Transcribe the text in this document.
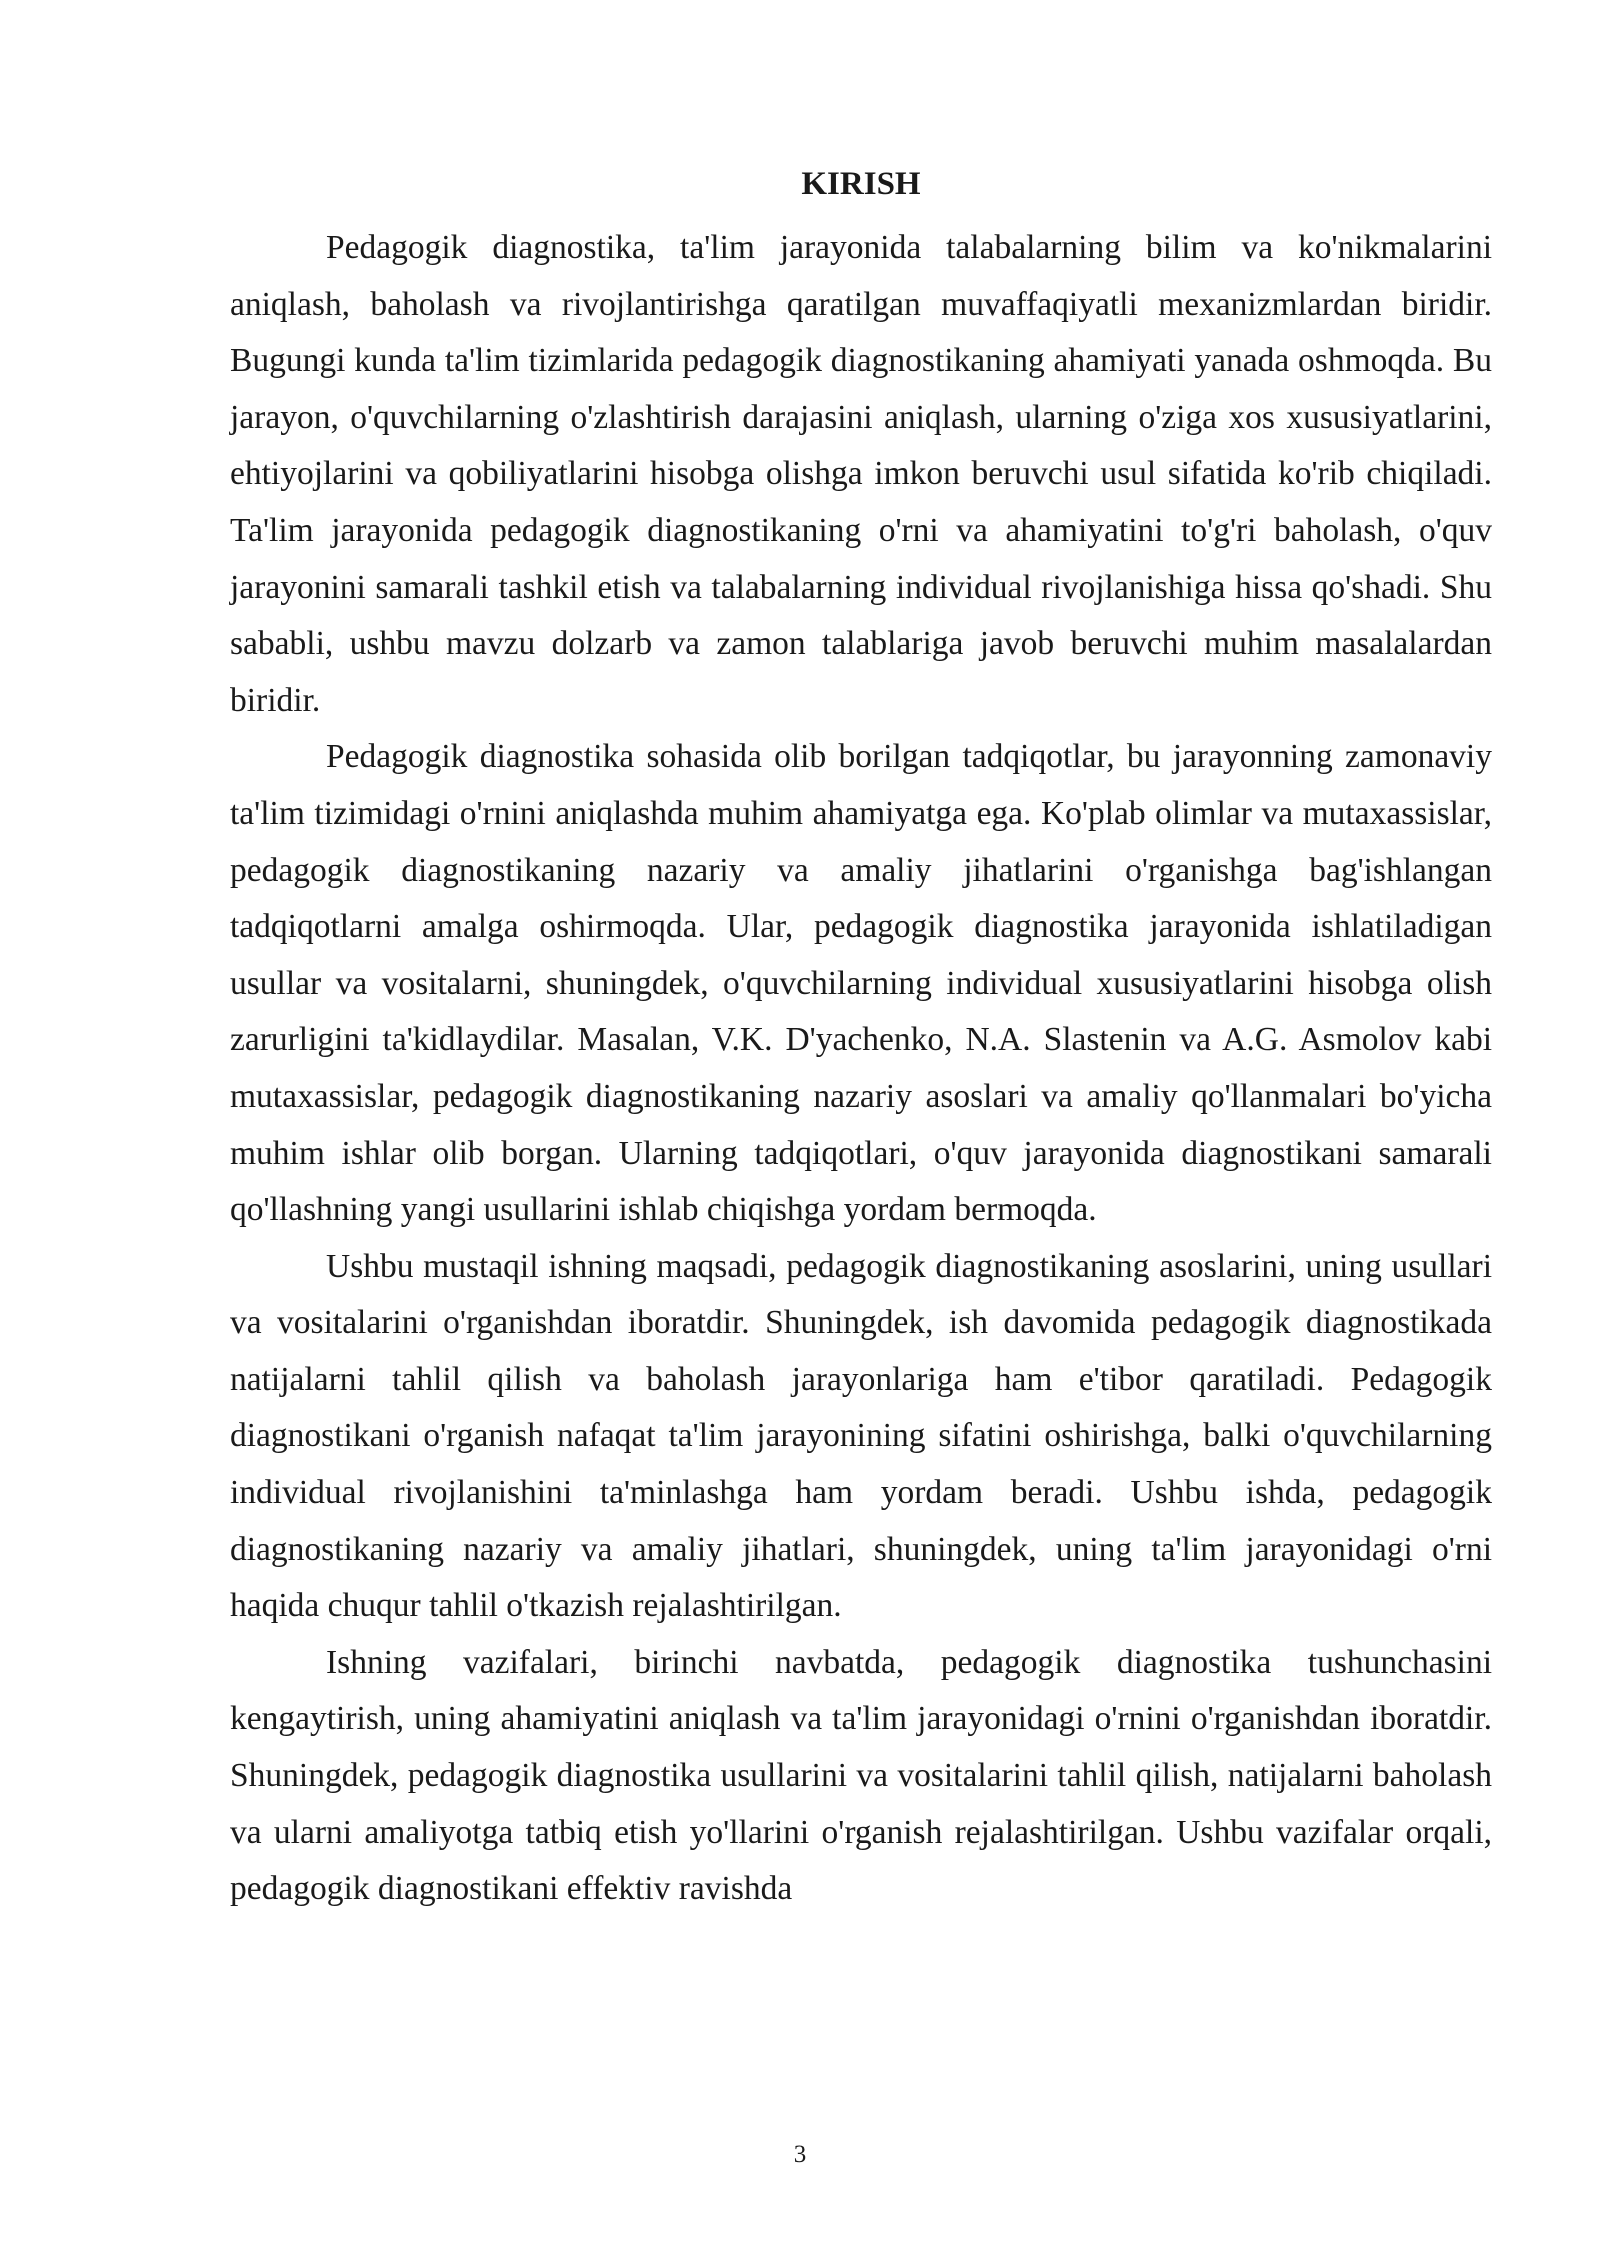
KIRISH

Pedagogik diagnostika, ta'lim jarayonida talabalarning bilim va ko'nikmalarini aniqlash, baholash va rivojlantirishga qaratilgan muvaffaqiyatli mexanizmlardan biridir. Bugungi kunda ta'lim tizimlarida pedagogik diagnostikaning ahamiyati yanada oshmoqda. Bu jarayon, o'quvchilarning o'zlashtirish darajasini aniqlash, ularning o'ziga xos xususiyatlarini, ehtiyojlarini va qobiliyatlarini hisobga olishga imkon beruvchi usul sifatida ko'rib chiqiladi. Ta'lim jarayonida pedagogik diagnostikaning o'rni va ahamiyatini to'g'ri baholash, o'quv jarayonini samarali tashkil etish va talabalarning individual rivojlanishiga hissa qo'shadi. Shu sababli, ushbu mavzu dolzarb va zamon talablariga javob beruvchi muhim masalalardan biridir.

Pedagogik diagnostika sohasida olib borilgan tadqiqotlar, bu jarayonning zamonaviy ta'lim tizimidagi o'rnini aniqlashda muhim ahamiyatga ega. Ko'plab olimlar va mutaxassislar, pedagogik diagnostikaning nazariy va amaliy jihatlarini o'rganishga bag'ishlangan tadqiqotlarni amalga oshirmoqda. Ular, pedagogik diagnostika jarayonida ishlatiladigan usullar va vositalarni, shuningdek, o'quvchilarning individual xususiyatlarini hisobga olish zarurligini ta'kidlaydilar. Masalan, V.K. D'yachenko, N.A. Slastenin va A.G. Asmolov kabi mutaxassislar, pedagogik diagnostikaning nazariy asoslari va amaliy qo'llanmalari bo'yicha muhim ishlar olib borgan. Ularning tadqiqotlari, o'quv jarayonida diagnostikani samarali qo'llashning yangi usullarini ishlab chiqishga yordam bermoqda.

Ushbu mustaqil ishning maqsadi, pedagogik diagnostikaning asoslarini, uning usullari va vositalarini o'rganishdan iboratdir. Shuningdek, ish davomida pedagogik diagnostikada natijalarni tahlil qilish va baholash jarayonlariga ham e'tibor qaratiladi. Pedagogik diagnostikani o'rganish nafaqat ta'lim jarayonining sifatini oshirishga, balki o'quvchilarning individual rivojlanishini ta'minlashga ham yordam beradi. Ushbu ishda, pedagogik diagnostikaning nazariy va amaliy jihatlari, shuningdek, uning ta'lim jarayonidagi o'rni haqida chuqur tahlil o'tkazish rejalashtirilgan.

Ishning vazifalari, birinchi navbatda, pedagogik diagnostika tushunchasini kengaytirish, uning ahamiyatini aniqlash va ta'lim jarayonidagi o'rnini o'rganishdan iboratdir. Shuningdek, pedagogik diagnostika usullarini va vositalarini tahlil qilish, natijalarni baholash va ularni amaliyotga tatbiq etish yo'llarini o'rganish rejalashtirilgan. Ushbu vazifalar orqali, pedagogik diagnostikani effektiv ravishda

3
